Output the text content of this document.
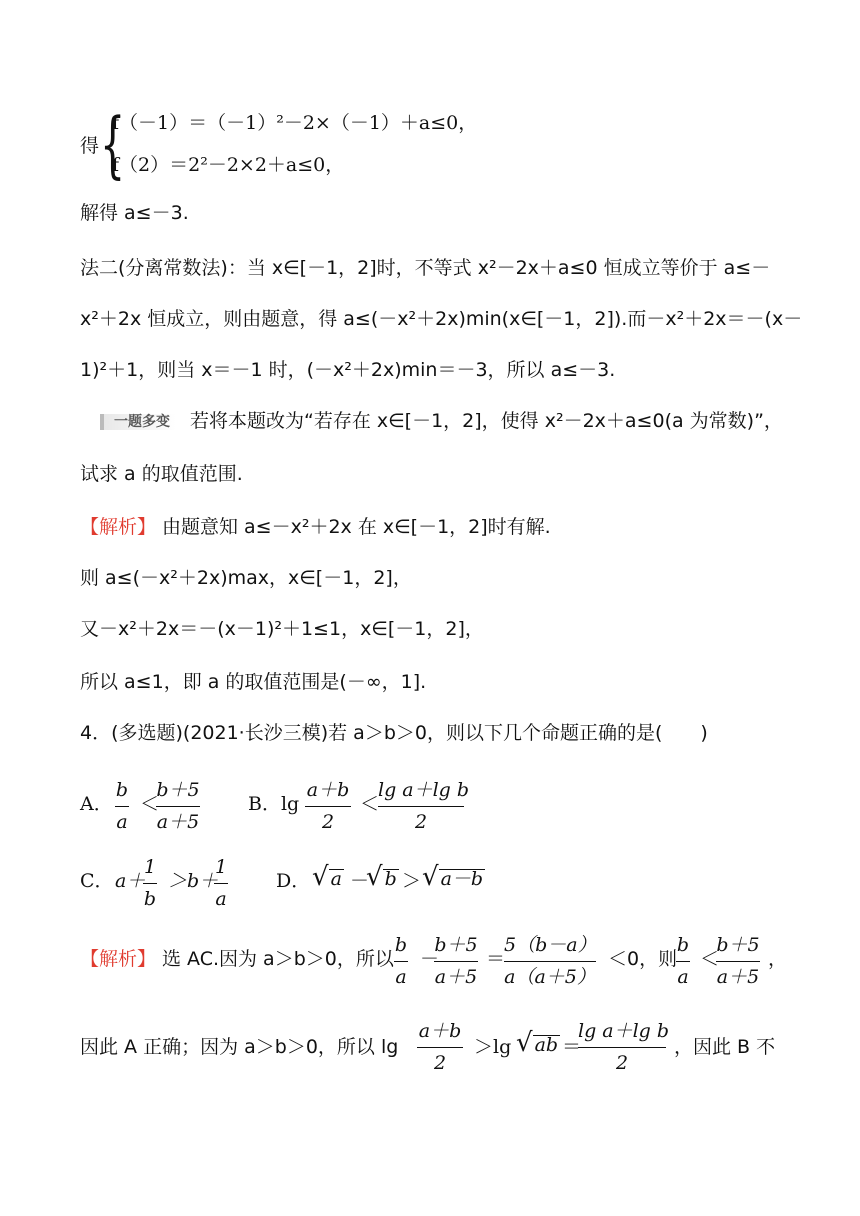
得 {
f（－1）＝（－1）²－2×（－1）＋a≤0，
f（2）＝2²－2×2＋a≤0，
解得 a≤－3.
法二(分离常数法)：当 x∈[－1，2]时，不等式 x²－2x＋a≤0 恒成立等价于 a≤－
x²＋2x 恒成立，则由题意，得 a≤(－x²＋2x)min(x∈[－1，2]).而－x²＋2x＝－(x－
1)²＋1，则当 x＝－1 时，(－x²＋2x)min＝－3，所以 a≤－3.
一题多变	若将本题改为“若存在 x∈[－1，2]，使得 x²－2x＋a≤0(a 为常数)”，
试求 a 的取值范围.
【解析】 由题意知 a≤－x²＋2x 在 x∈[－1，2]时有解.
则 a≤(－x²＋2x)max，x∈[－1，2]，
又－x²＋2x＝－(x－1)²＋1≤1，x∈[－1，2]，
所以 a≤1，即 a 的取值范围是(－∞，1].
4．(多选题)(2021·长沙三模)若 a＞b＞0，则以下几个命题正确的是(　　)
A．
b
a
＜
b＋5
a＋5
B．lg
a＋b
2
＜
lg a＋lg b
2
C． a＋
1
b
＞b＋
1
a
D． √ a －
√ b ＞ √ a－b
【解析】 选 AC.因为 a＞b＞0，所以
b
a
－
b＋5
a＋5
＝
5（b－a）
a（a＋5）
＜0，则
b
a
＜
b＋5
a＋5
，
因此 A 正确；因为 a＞b＞0，所以 lg
a＋b
2
＞lg √ ab ＝
lg a＋lg b
2
，因此 B 不
